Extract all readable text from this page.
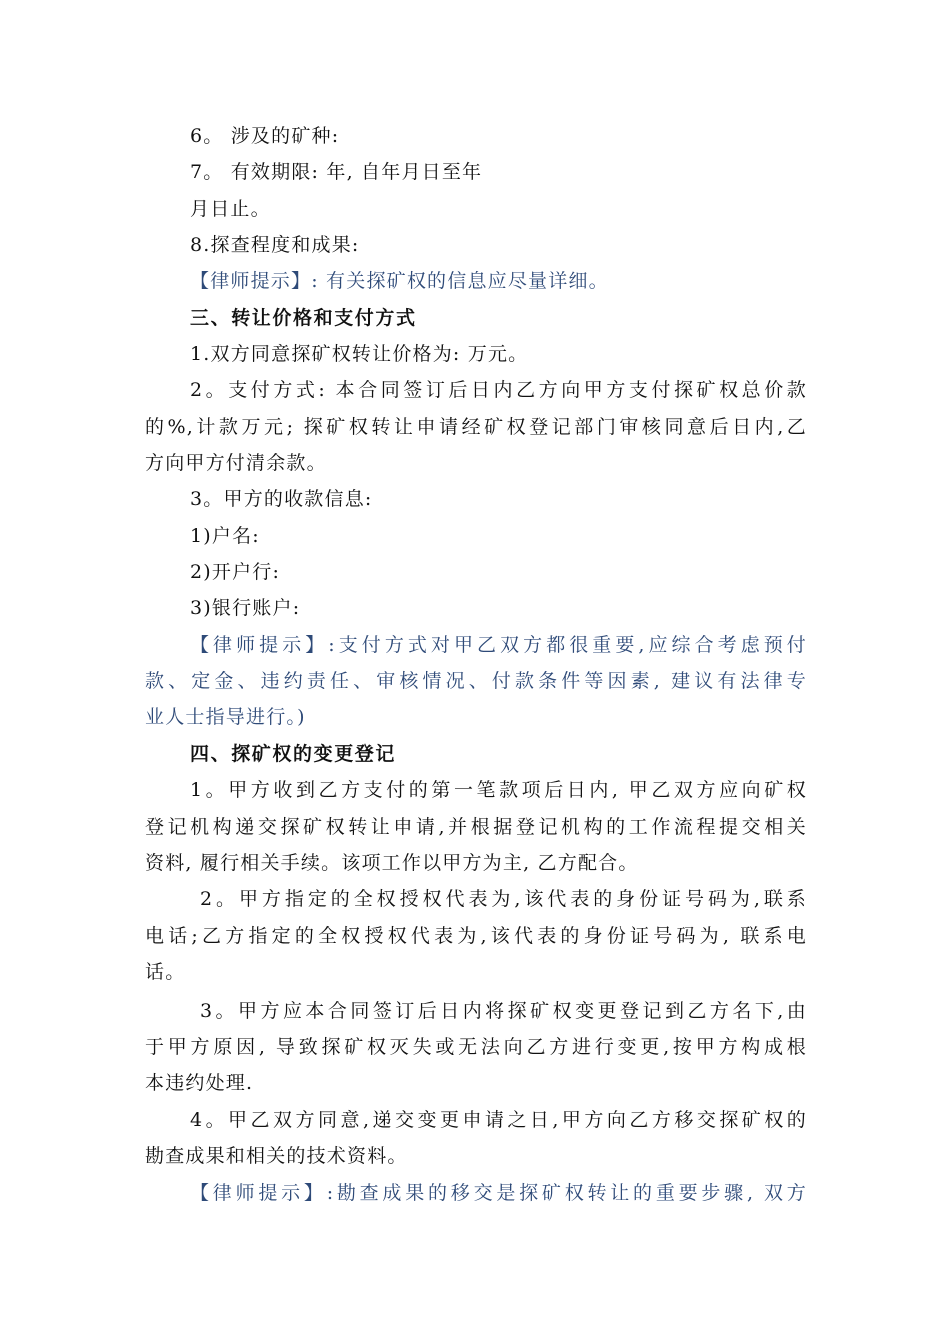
6。 涉及的矿种:
7。 有效期限: 年, 自年月日至年
月日止。
8.探查程度和成果:
【律师提示】: 有关探矿权的信息应尽量详细。
三、转让价格和支付方式
1.双方同意探矿权转让价格为: 万元。
2。支付方式: 本合同签订后日内乙方向甲方支付探矿权总价款
的%,计款万元; 探矿权转让申请经矿权登记部门审核同意后日内,乙
方向甲方付清余款。
3。甲方的收款信息:
1)户名:
2)开户行:
3)银行账户:
【律师提示】:支付方式对甲乙双方都很重要,应综合考虑预付
款、定金、违约责任、审核情况、付款条件等因素, 建议有法律专
业人士指导进行。)
四、探矿权的变更登记
1。甲方收到乙方支付的第一笔款项后日内, 甲乙双方应向矿权
登记机构递交探矿权转让申请,并根据登记机构的工作流程提交相关
资料, 履行相关手续。该项工作以甲方为主, 乙方配合。
2。甲方指定的全权授权代表为,该代表的身份证号码为,联系
电话;乙方指定的全权授权代表为,该代表的身份证号码为, 联系电
话。
3。甲方应本合同签订后日内将探矿权变更登记到乙方名下,由
于甲方原因, 导致探矿权灭失或无法向乙方进行变更,按甲方构成根
本违约处理.
4。甲乙双方同意,递交变更申请之日,甲方向乙方移交探矿权的
勘查成果和相关的技术资料。
【律师提示】:勘查成果的移交是探矿权转让的重要步骤, 双方
